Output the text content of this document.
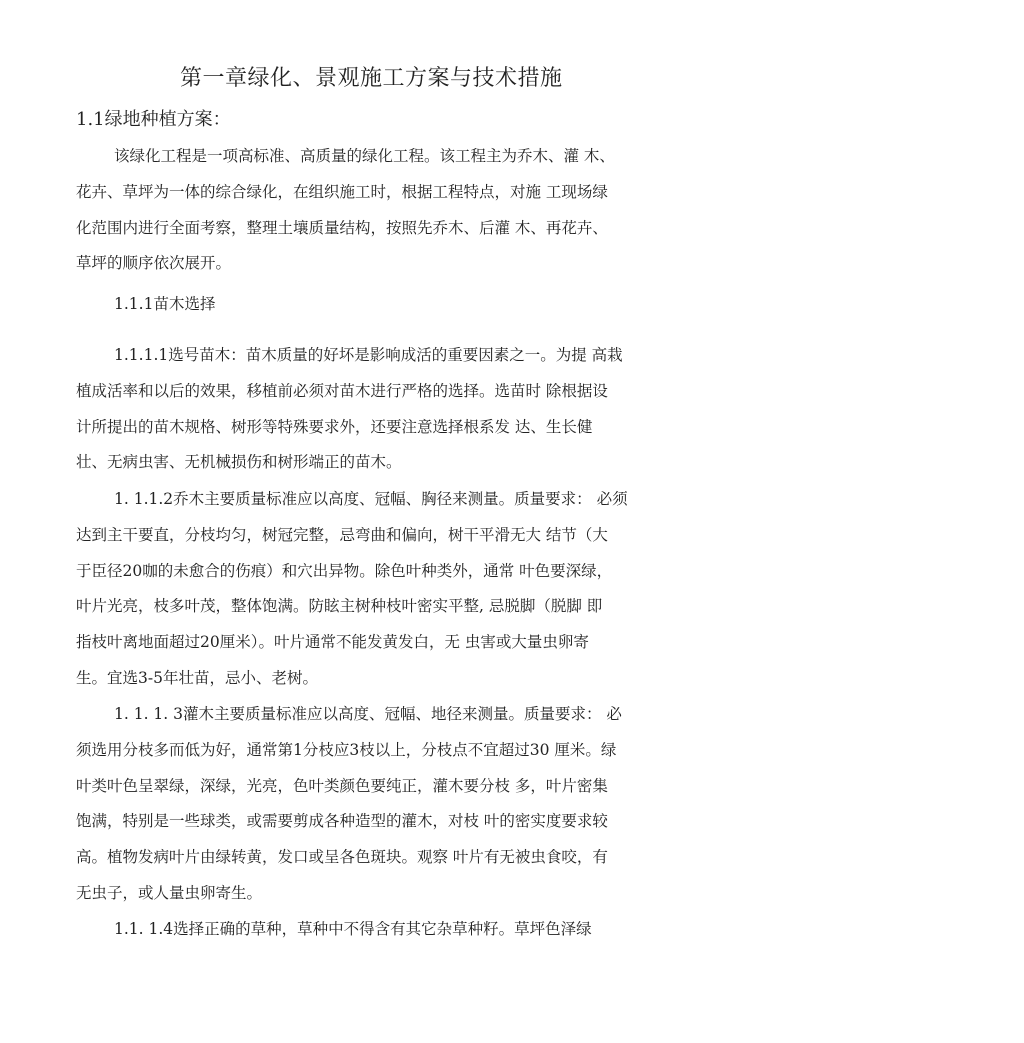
第一章绿化、景观施工方案与技术措施
1.1绿地种植方案：
该绿化工程是一项高标准、高质量的绿化工程。该工程主为乔木、灌 木、
花卉、草坪为一体的综合绿化，在组织施工时，根据工程特点，对施 工现场绿
化范围内进行全面考察，整理土壤质量结构，按照先乔木、后灌 木、再花卉、
草坪的顺序依次展开。
1.1.1苗木选择
1.1.1.1选号苗木：苗木质量的好坏是影响成活的重要因素之一。为提 高栽
植成活率和以后的效果，移植前必须对苗木进行严格的选择。选苗时 除根据设
计所提出的苗木规格、树形等特殊要求外，还要注意选择根系发 达、生长健
壮、无病虫害、无机械损伤和树形端正的苗木。
1. 1.1.2乔木主要质量标准应以高度、冠幅、胸径来测量。质量要求： 必须
达到主干要直，分枝均匀，树冠完整，忌弯曲和偏向，树干平滑无大 结节（大
于臣径20咖的未愈合的伤痕）和穴出异物。除色叶种类外，通常 叶色要深绿，
叶片光亮，枝多叶茂，整体饱满。防眩主树种枝叶密实平整, 忌脱脚（脱脚 即
指枝叶离地面超过20厘米）。叶片通常不能发黄发白，无 虫害或大量虫卵寄
生。宜选3-5年壮苗，忌小、老树。
1. 1. 1. 3灌木主要质量标准应以高度、冠幅、地径来测量。质量要求： 必
须选用分枝多而低为好，通常第1分枝应3枝以上，分枝点不宜超过30 厘米。绿
叶类叶色呈翠绿，深绿，光亮，色叶类颜色要纯正，灌木要分枝 多，叶片密集
饱满，特别是一些球类，或需要剪成各种造型的灌木，对枝 叶的密实度要求较
高。植物发病叶片由绿转黄，发口或呈各色斑块。观察 叶片有无被虫食咬，有
无虫子，或人量虫卵寄生。
1.1. 1.4选择正确的草种，草种中不得含有其它杂草种籽。草坪色泽绿
